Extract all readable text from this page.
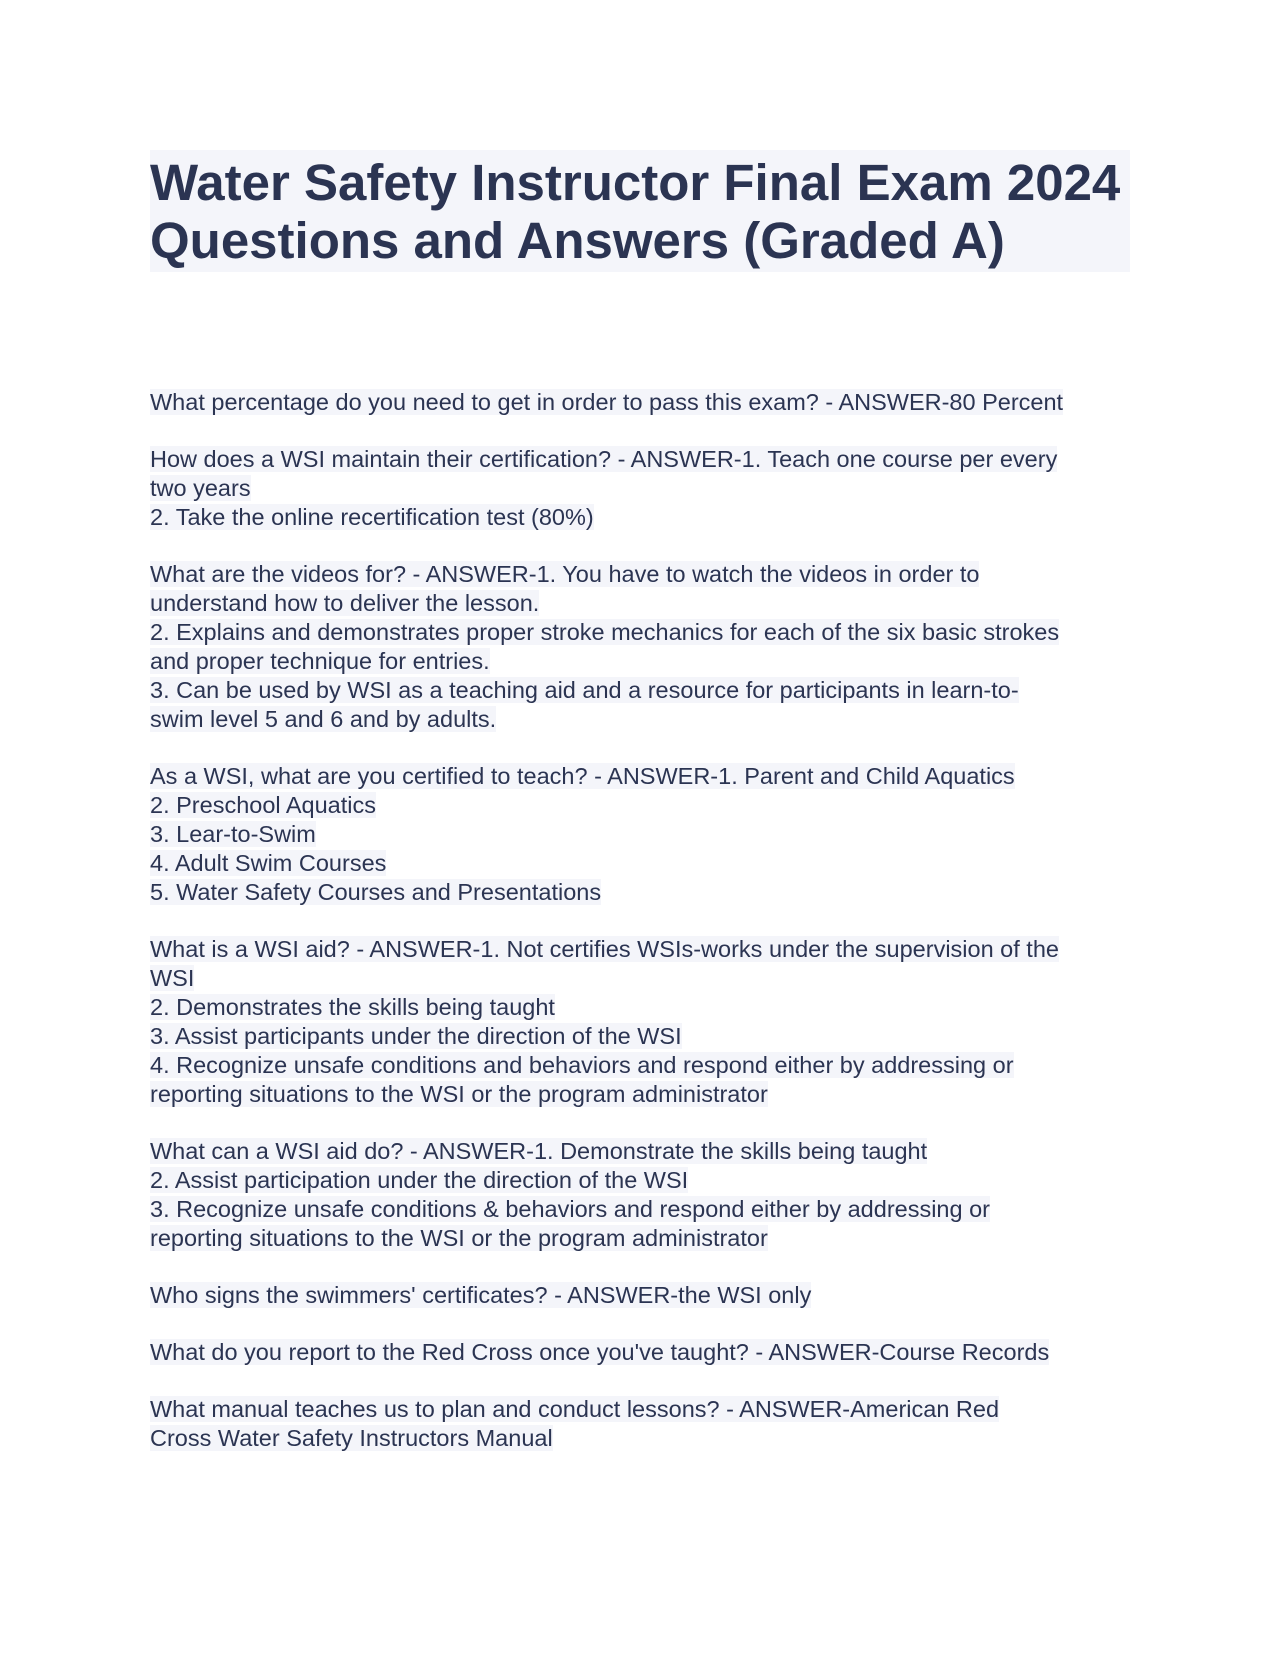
Water Safety Instructor Final Exam 2024
Questions and Answers (Graded A)
What percentage do you need to get in order to pass this exam? - ANSWER-80 Percent
How does a WSI maintain their certification? - ANSWER-1. Teach one course per every
two years
2. Take the online recertification test (80%)
What are the videos for? - ANSWER-1. You have to watch the videos in order to
understand how to deliver the lesson.
2. Explains and demonstrates proper stroke mechanics for each of the six basic strokes
and proper technique for entries.
3. Can be used by WSI as a teaching aid and a resource for participants in learn-to-
swim level 5 and 6 and by adults.
As a WSI, what are you certified to teach? - ANSWER-1. Parent and Child Aquatics
2. Preschool Aquatics
3. Lear-to-Swim
4. Adult Swim Courses
5. Water Safety Courses and Presentations
What is a WSI aid? - ANSWER-1. Not certifies WSIs-works under the supervision of the
WSI
2. Demonstrates the skills being taught
3. Assist participants under the direction of the WSI
4. Recognize unsafe conditions and behaviors and respond either by addressing or
reporting situations to the WSI or the program administrator
What can a WSI aid do? - ANSWER-1. Demonstrate the skills being taught
2. Assist participation under the direction of the WSI
3. Recognize unsafe conditions & behaviors and respond either by addressing or
reporting situations to the WSI or the program administrator
Who signs the swimmers' certificates? - ANSWER-the WSI only
What do you report to the Red Cross once you've taught? - ANSWER-Course Records
What manual teaches us to plan and conduct lessons? - ANSWER-American Red
Cross Water Safety Instructors Manual
